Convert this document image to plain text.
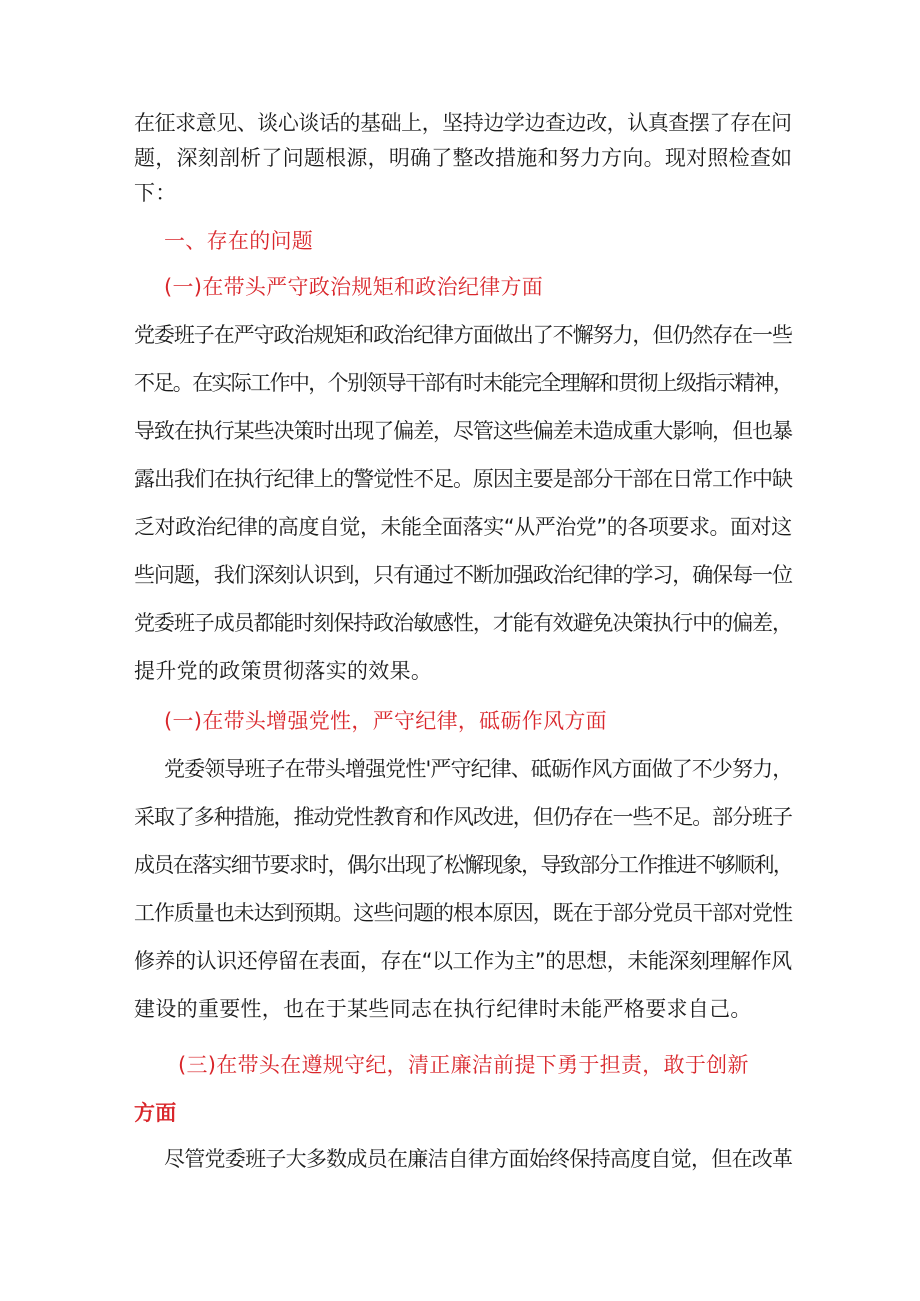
在征求意见、谈心谈话的基础上，坚持边学边查边改，认真查摆了存在问
题，深刻剖析了问题根源，明确了整改措施和努力方向。现对照检查如
下：
一、存在的问题
(一)在带头严守政治规矩和政治纪律方面
党委班子在严守政治规矩和政治纪律方面做出了不懈努力，但仍然存在一些
不足。在实际工作中，个别领导干部有时未能完全理解和贯彻上级指示精神，
导致在执行某些决策时出现了偏差，尽管这些偏差未造成重大影响，但也暴
露出我们在执行纪律上的警觉性不足。原因主要是部分干部在日常工作中缺
乏对政治纪律的高度自觉，未能全面落实“从严治党”的各项要求。面对这
些问题，我们深刻认识到，只有通过不断加强政治纪律的学习，确保每一位
党委班子成员都能时刻保持政治敏感性，才能有效避免决策执行中的偏差，
提升党的政策贯彻落实的效果。
(一)在带头增强党性，严守纪律，砥砺作风方面
党委领导班子在带头增强党性'严守纪律、砥砺作风方面做了不少努力，
采取了多种措施，推动党性教育和作风改进，但仍存在一些不足。部分班子
成员在落实细节要求时，偶尔出现了松懈现象，导致部分工作推进不够顺利，
工作质量也未达到预期。这些问题的根本原因，既在于部分党员干部对党性
修养的认识还停留在表面，存在“以工作为主”的思想，未能深刻理解作风
建设的重要性，也在于某些同志在执行纪律时未能严格要求自己。
(三)在带头在遵规守纪，清正廉洁前提下勇于担责，敢于创新
方面
尽管党委班子大多数成员在廉洁自律方面始终保持高度自觉，但在改革
